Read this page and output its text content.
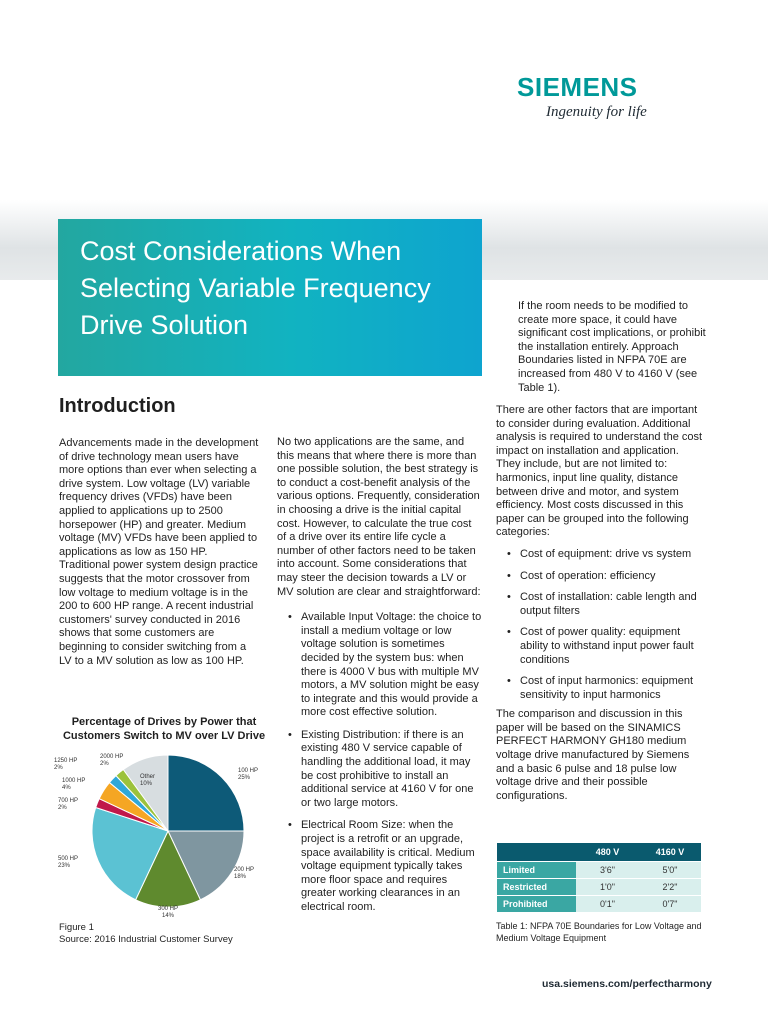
SIEMENS
Ingenuity for life
Cost Considerations When Selecting Variable Frequency Drive Solution
Introduction

Advancements made in the development of drive technology mean users have more options than ever when selecting a drive system. Low voltage (LV) variable frequency drives (VFDs) have been applied to applications up to 2500 horsepower (HP) and greater. Medium voltage (MV) VFDs have been applied to applications as low as 150 HP. Traditional power system design practice suggests that the motor crossover from low voltage to medium voltage is in the 200 to 600 HP range. A recent industrial customers' survey conducted in 2016 shows that some customers are beginning to consider switching from a LV to a MV solution as low as 100 HP.

No two applications are the same, and this means that where there is more than one possible solution, the best strategy is to conduct a cost-benefit analysis of the various options. Frequently, consideration in choosing a drive is the initial capital cost. However, to calculate the true cost of a drive over its entire life cycle a number of other factors need to be taken into account. Some considerations that may steer the decision towards a LV or MV solution are clear and straightforward:

• Available Input Voltage: the choice to install a medium voltage or low voltage solution is sometimes decided by the system bus: when there is 4000 V bus with multiple MV motors, a MV solution might be easy to integrate and this would provide a more cost effective solution.
• Existing Distribution: if there is an existing 480 V service capable of handling the additional load, it may be cost prohibitive to install an additional service at 4160 V for one or two large motors.
• Electrical Room Size: when the project is a retrofit or an upgrade, space availability is critical. Medium voltage equipment typically takes more floor space and requires greater working clearances in an electrical room.
If the room needs to be modified to create more space, it could have significant cost implications, or prohibit the installation entirely. Approach Boundaries listed in NFPA 70E are increased from 480 V to 4160 V (see Table 1).

There are other factors that are important to consider during evaluation. Additional analysis is required to understand the cost impact on installation and application. They include, but are not limited to: harmonics, input line quality, distance between drive and motor, and system efficiency. Most costs discussed in this paper can be grouped into the following categories:

• Cost of equipment: drive vs system
• Cost of operation: efficiency
• Cost of installation: cable length and output filters
• Cost of power quality: equipment ability to withstand input power fault conditions
• Cost of input harmonics: equipment sensitivity to input harmonics

The comparison and discussion in this paper will be based on the SINAMICS PERFECT HARMONY GH180 medium voltage drive manufactured by Siemens and a basic 6 pulse and 18 pulse low voltage drive and their possible configurations.

Percentage of Drives by Power that Customers Switch to MV over LV Drive
100 HP 25%
200 HP 18%
300 HP 14%
500 HP 23%
700 HP 2%
1000 HP 4%
1250 HP 2%
2000 HP 2%
Other 10%
Figure 1
Source: 2016 Industrial Customer Survey
	480 V	4160 V
Limited	3'6"	5'0"
Restricted	1'0"	2'2"
Prohibited	0'1"	0'7"
Table 1: NFPA 70E Boundaries for Low Voltage and Medium Voltage Equipment
usa.siemens.com/perfectharmony
